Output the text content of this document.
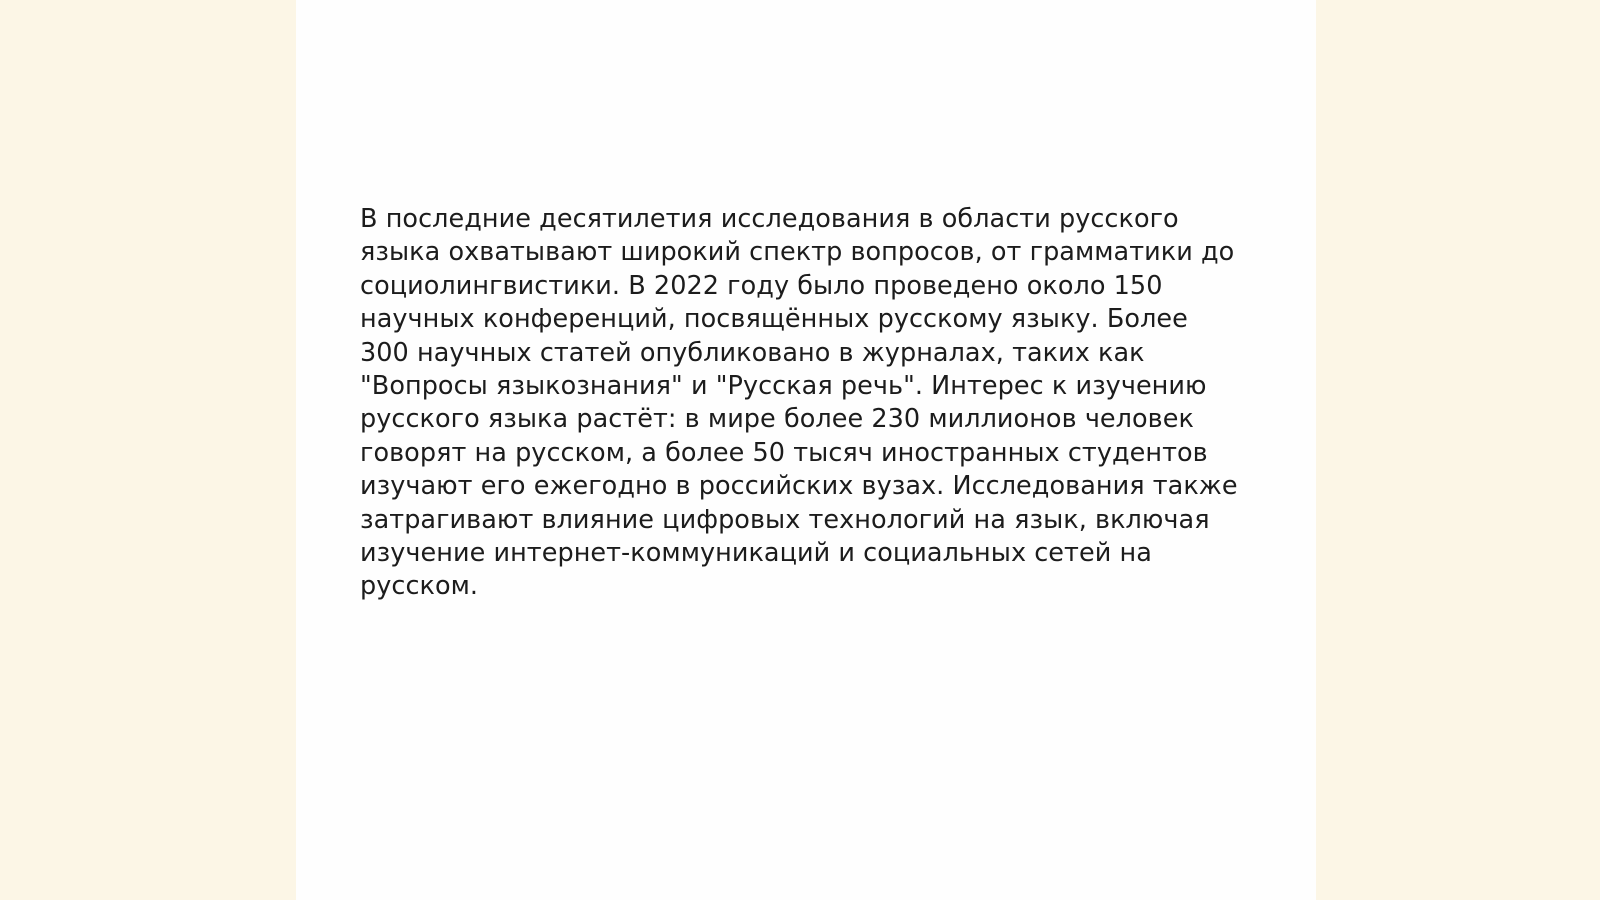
В последние десятилетия исследования в области русского языка охватывают широкий спектр вопросов, от грамматики до социолингвистики. В 2022 году было проведено около 150 научных конференций, посвящённых русскому языку. Более 300 научных статей опубликовано в журналах, таких как "Вопросы языкознания" и "Русская речь". Интерес к изучению русского языка растёт: в мире более 230 миллионов человек говорят на русском, а более 50 тысяч иностранных студентов изучают его ежегодно в российских вузах. Исследования также затрагивают влияние цифровых технологий на язык, включая изучение интернет-коммуникаций и социальных сетей на русском.
